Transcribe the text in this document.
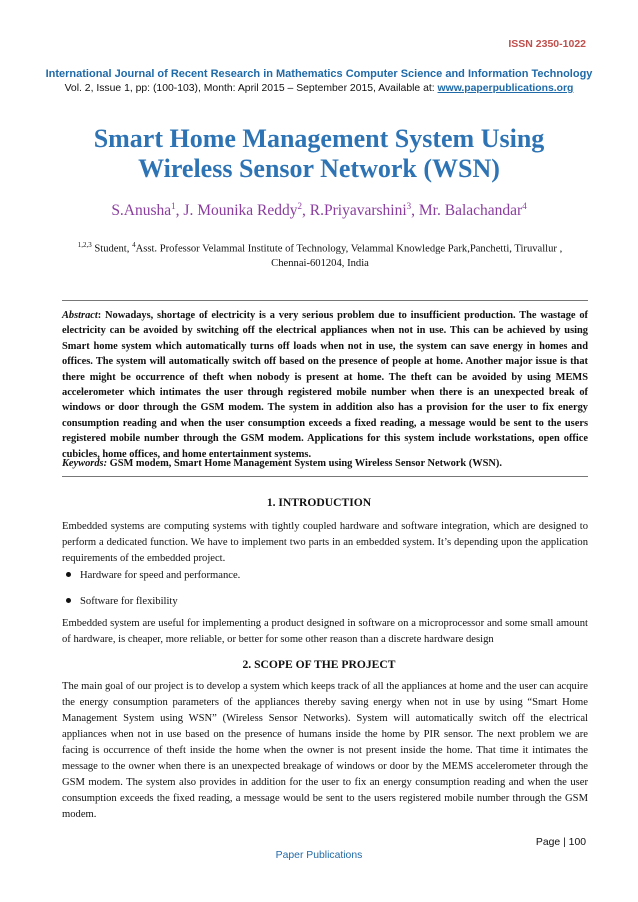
ISSN 2350-1022
International Journal of Recent Research in Mathematics Computer Science and Information Technology
Vol. 2, Issue 1, pp: (100-103), Month: April 2015 – September 2015, Available at: www.paperpublications.org
Smart Home Management System Using
Wireless Sensor Network (WSN)
S.Anusha$^1$, J. Mounika Reddy$^2$, R.Priyavarshini$^3$, Mr. Balachandar$^4$
$^{1,2,3}$ Student, $^4$Asst. Professor Velammal Institute of Technology, Velammal Knowledge Park,Panchetti, Tiruvallur ,
Chennai-601204, India
Abstract: Nowadays, shortage of electricity is a very serious problem due to insufficient production. The wastage of electricity can be avoided by switching off the electrical appliances when not in use. This can be achieved by using Smart home system which automatically turns off loads when not in use, the system can save energy in homes and offices. The system will automatically switch off based on the presence of people at home. Another major issue is that there might be occurrence of theft when nobody is present at home. The theft can be avoided by using MEMS accelerometer which intimates the user through registered mobile number when there is an unexpected break of windows or door through the GSM modem. The system in addition also has a provision for the user to fix energy consumption reading and when the user consumption exceeds a fixed reading, a message would be sent to the users registered mobile number through the GSM modem. Applications for this system include workstations, open office cubicles, home offices, and home entertainment systems.
Keywords: GSM modem, Smart Home Management System using Wireless Sensor Network (WSN).
1. INTRODUCTION
Embedded systems are computing systems with tightly coupled hardware and software integration, which are designed to perform a dedicated function. We have to implement two parts in an embedded system. It’s depending upon the application requirements of the embedded project.
Hardware for speed and performance.
Software for flexibility
Embedded system are useful for implementing a product designed in software on a microprocessor and some small amount of hardware, is cheaper, more reliable, or better for some other reason than a discrete hardware design
2. SCOPE OF THE PROJECT
The main goal of our project is to develop a system which keeps track of all the appliances at home and the user can acquire the energy consumption parameters of the appliances thereby saving energy when not in use by using “Smart Home Management System using WSN” (Wireless Sensor Networks). System will automatically switch off the electrical appliances when not in use based on the presence of humans inside the home by PIR sensor. The next problem we are facing is occurrence of theft inside the home when the owner is not present inside the home. That time it intimates the message to the owner when there is an unexpected breakage of windows or door by the MEMS accelerometer through the GSM modem. The system also provides in addition for the user to fix an energy consumption reading and when the user consumption exceeds the fixed reading, a message would be sent to the users registered mobile number through the GSM modem.
Page | 100
Paper Publications
